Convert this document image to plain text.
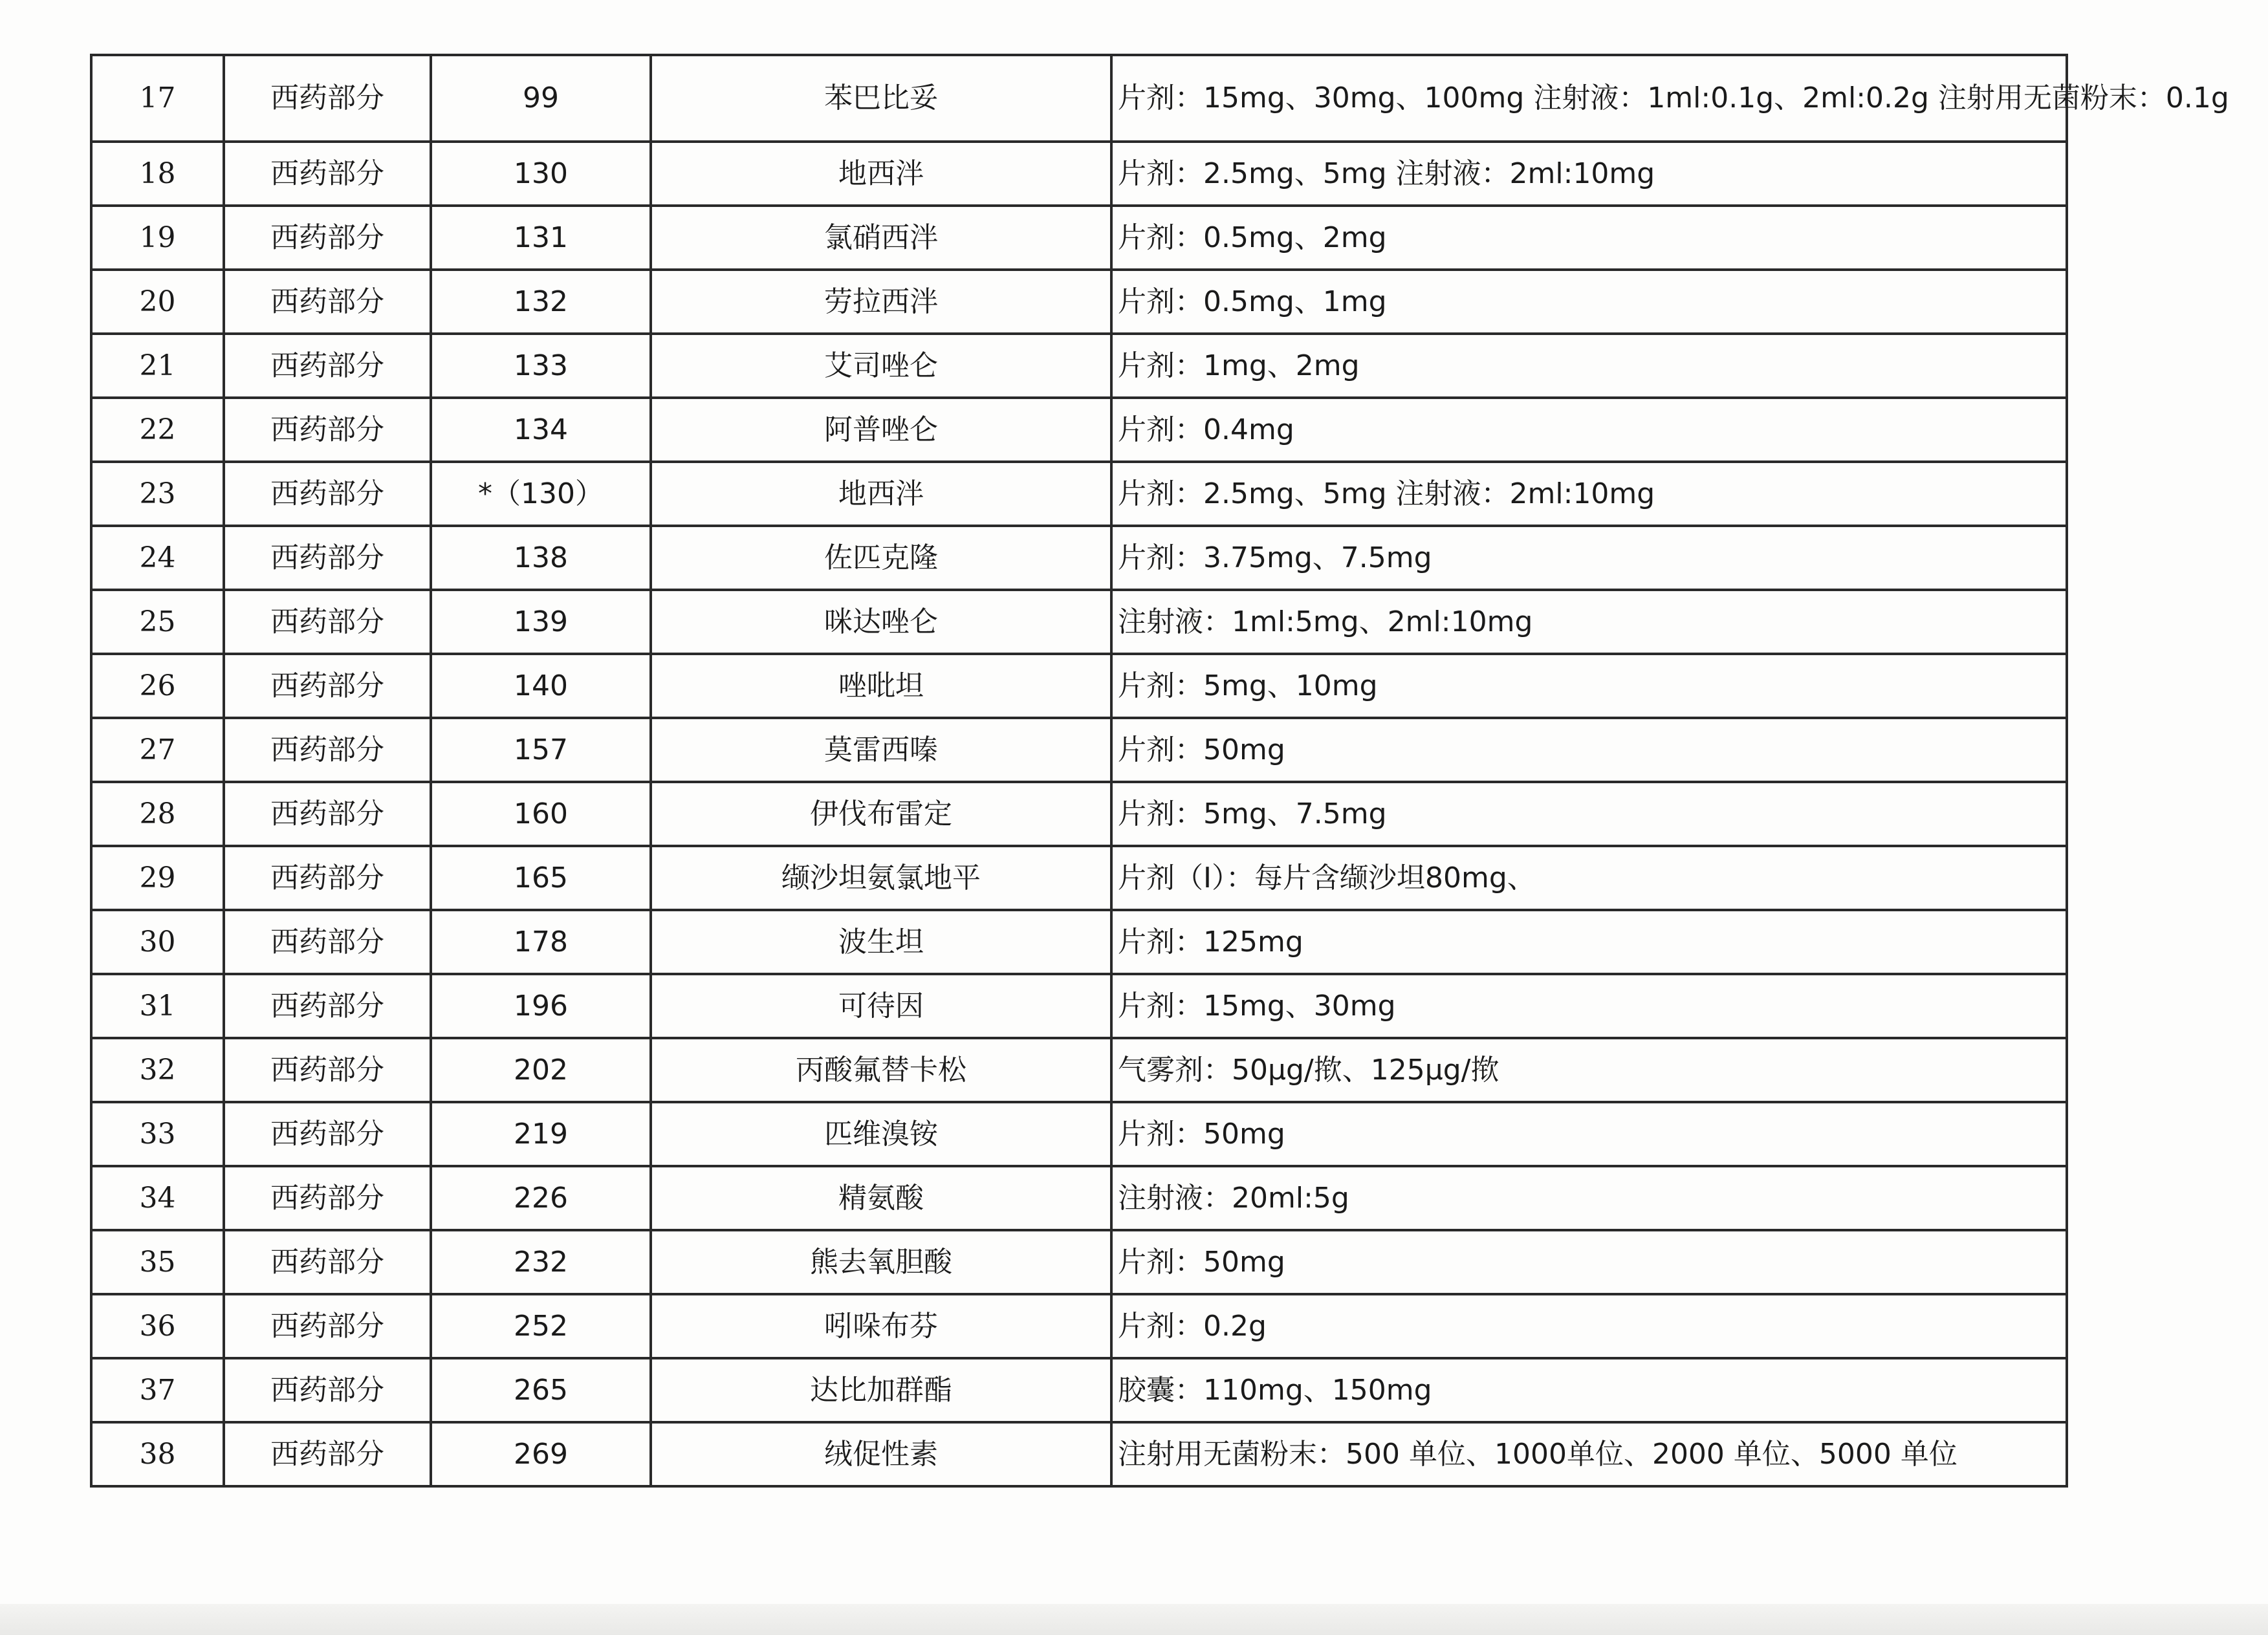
17	西药部分	99	苯巴比妥	片剂：15mg、30mg、100mg 注射液：1ml:0.1g、2ml:0.2g 注射用无菌粉末：0.1g
18	西药部分	130	地西泮	片剂：2.5mg、5mg 注射液：2ml:10mg
19	西药部分	131	氯硝西泮	片剂：0.5mg、2mg
20	西药部分	132	劳拉西泮	片剂：0.5mg、1mg
21	西药部分	133	艾司唑仑	片剂：1mg、2mg
22	西药部分	134	阿普唑仑	片剂：0.4mg
23	西药部分	*（130）	地西泮	片剂：2.5mg、5mg 注射液：2ml:10mg
24	西药部分	138	佐匹克隆	片剂：3.75mg、7.5mg
25	西药部分	139	咪达唑仑	注射液：1ml:5mg、2ml:10mg
26	西药部分	140	唑吡坦	片剂：5mg、10mg
27	西药部分	157	莫雷西嗪	片剂：50mg
28	西药部分	160	伊伐布雷定	片剂：5mg、7.5mg
29	西药部分	165	缬沙坦氨氯地平	片剂（Ⅰ）：每片含缬沙坦80mg、
30	西药部分	178	波生坦	片剂：125mg
31	西药部分	196	可待因	片剂：15mg、30mg
32	西药部分	202	丙酸氟替卡松	气雾剂：50μg/揿、125μg/揿
33	西药部分	219	匹维溴铵	片剂：50mg
34	西药部分	226	精氨酸	注射液：20ml:5g
35	西药部分	232	熊去氧胆酸	片剂：50mg
36	西药部分	252	吲哚布芬	片剂：0.2g
37	西药部分	265	达比加群酯	胶囊：110mg、150mg
38	西药部分	269	绒促性素	注射用无菌粉末：500 单位、1000单位、2000 单位、5000 单位
